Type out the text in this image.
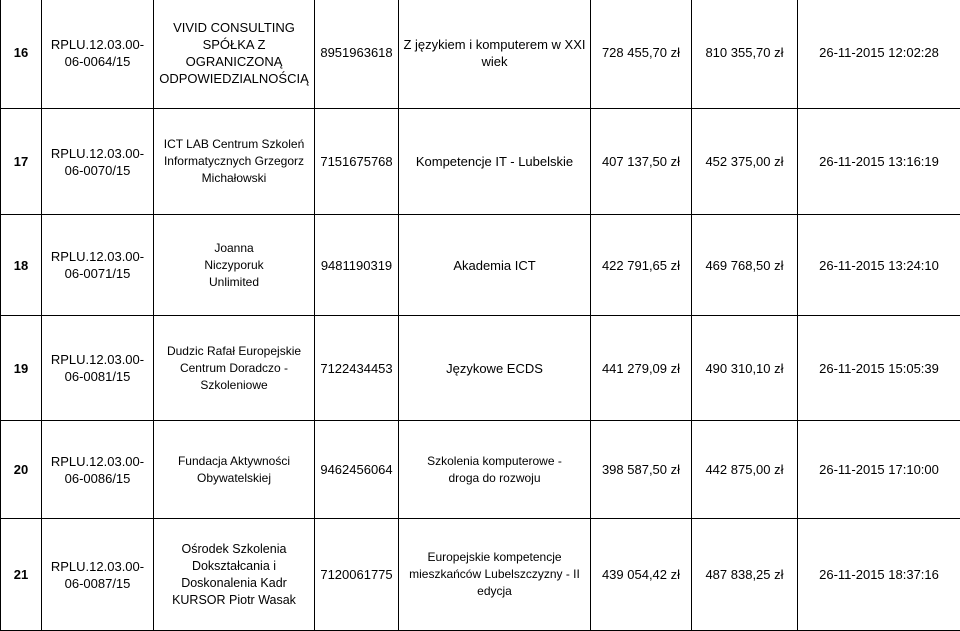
16	RPLU.12.03.00-06-0064/15	VIVID CONSULTING SPÓŁKA Z OGRANICZONĄ ODPOWIEDZIALNOŚCIĄ	8951963618	Z językiem i komputerem w XXI wiek	728 455,70 zł	810 355,70 zł	26-11-2015 12:02:28
17	RPLU.12.03.00-06-0070/15	ICT LAB Centrum Szkoleń Informatycznych Grzegorz Michałowski	7151675768	Kompetencje IT - Lubelskie	407 137,50 zł	452 375,00 zł	26-11-2015 13:16:19
18	RPLU.12.03.00-06-0071/15	Joanna Niczyporuk Unlimited	9481190319	Akademia ICT	422 791,65 zł	469 768,50 zł	26-11-2015 13:24:10
19	RPLU.12.03.00-06-0081/15	Dudzic Rafał Europejskie Centrum Doradczo - Szkoleniowe	7122434453	Językowe ECDS	441 279,09 zł	490 310,10 zł	26-11-2015 15:05:39
20	RPLU.12.03.00-06-0086/15	Fundacja Aktywności Obywatelskiej	9462456064	Szkolenia komputerowe - droga do rozwoju	398 587,50 zł	442 875,00 zł	26-11-2015 17:10:00
21	RPLU.12.03.00-06-0087/15	Ośrodek Szkolenia Dokształcania i Doskonalenia Kadr KURSOR Piotr Wasak	7120061775	Europejskie kompetencje mieszkańców Lubelszczyzny - II edycja	439 054,42 zł	487 838,25 zł	26-11-2015 18:37:16
